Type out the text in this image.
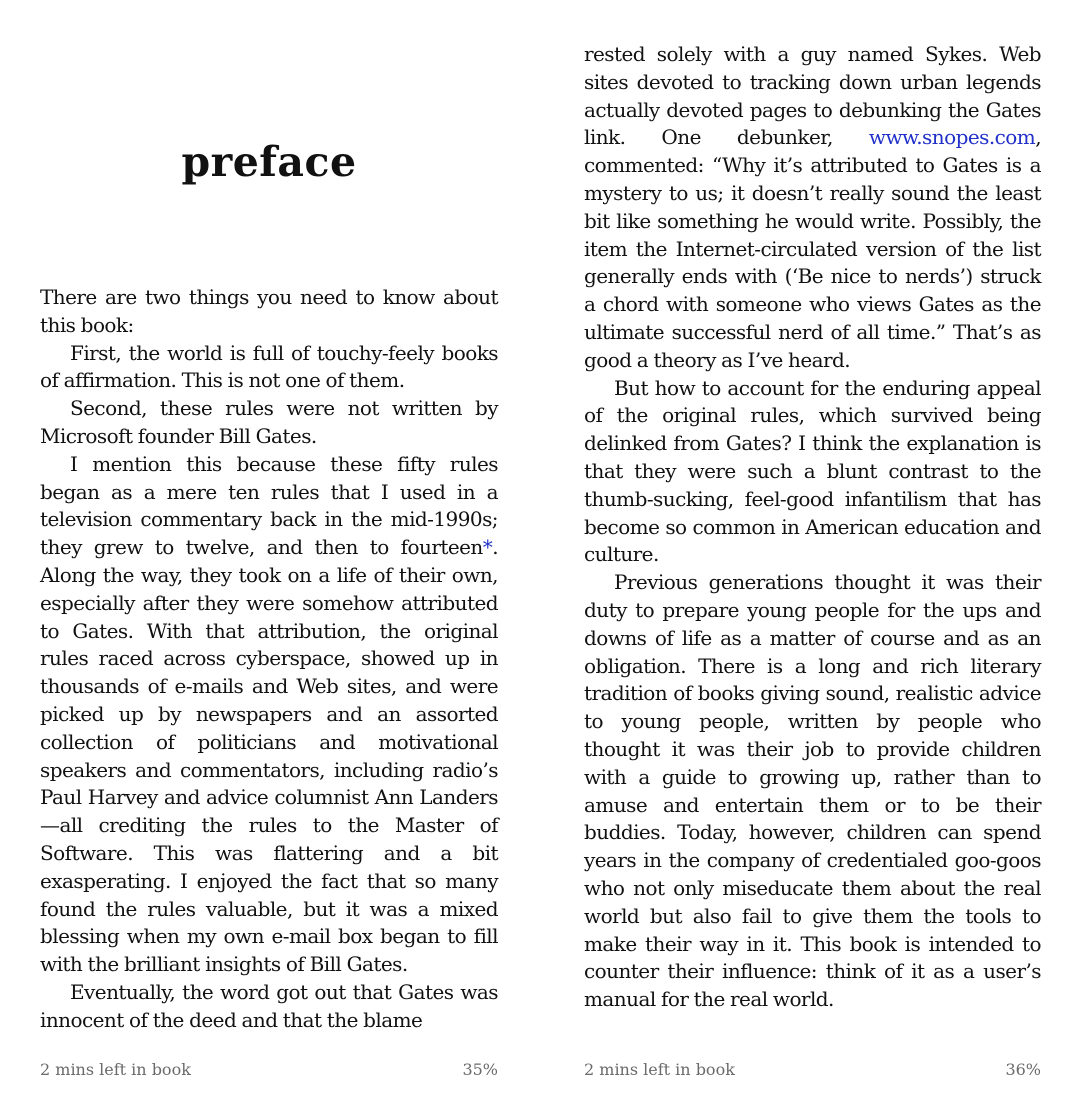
preface

There are two things you need to know about this book:

First, the world is full of touchy-feely books of affirmation. This is not one of them.

Second, these rules were not written by Microsoft founder Bill Gates.

I mention this because these fifty rules began as a mere ten rules that I used in a television commentary back in the mid-1990s; they grew to twelve, and then to fourteen*. Along the way, they took on a life of their own, especially after they were somehow attributed to Gates. With that attribution, the original rules raced across cyberspace, showed up in thousands of e-mails and Web sites, and were picked up by newspapers and an assorted collection of politicians and motivational speakers and commentators, including radio’s Paul Harvey and advice columnist Ann Landers—all crediting the rules to the Master of Software. This was flattering and a bit exasperating. I enjoyed the fact that so many found the rules valuable, but it was a mixed blessing when my own e-mail box began to fill with the brilliant insights of Bill Gates.

Eventually, the word got out that Gates was innocent of the deed and that the blame

2 mins left in book	35%

rested solely with a guy named Sykes. Web sites devoted to tracking down urban legends actually devoted pages to debunking the Gates link. One debunker, www.snopes.com, commented: “Why it’s attributed to Gates is a mystery to us; it doesn’t really sound the least bit like something he would write. Possibly, the item the Internet-circulated version of the list generally ends with (‘Be nice to nerds’) struck a chord with someone who views Gates as the ultimate successful nerd of all time.” That’s as good a theory as I’ve heard.

But how to account for the enduring appeal of the original rules, which survived being delinked from Gates? I think the explanation is that they were such a blunt contrast to the thumb-sucking, feel-good infantilism that has become so common in American education and culture.

Previous generations thought it was their duty to prepare young people for the ups and downs of life as a matter of course and as an obligation. There is a long and rich literary tradition of books giving sound, realistic advice to young people, written by people who thought it was their job to provide children with a guide to growing up, rather than to amuse and entertain them or to be their buddies. Today, however, children can spend years in the company of credentialed goo-goos who not only miseducate them about the real world but also fail to give them the tools to make their way in it. This book is intended to counter their influence: think of it as a user’s manual for the real world.

2 mins left in book	36%
